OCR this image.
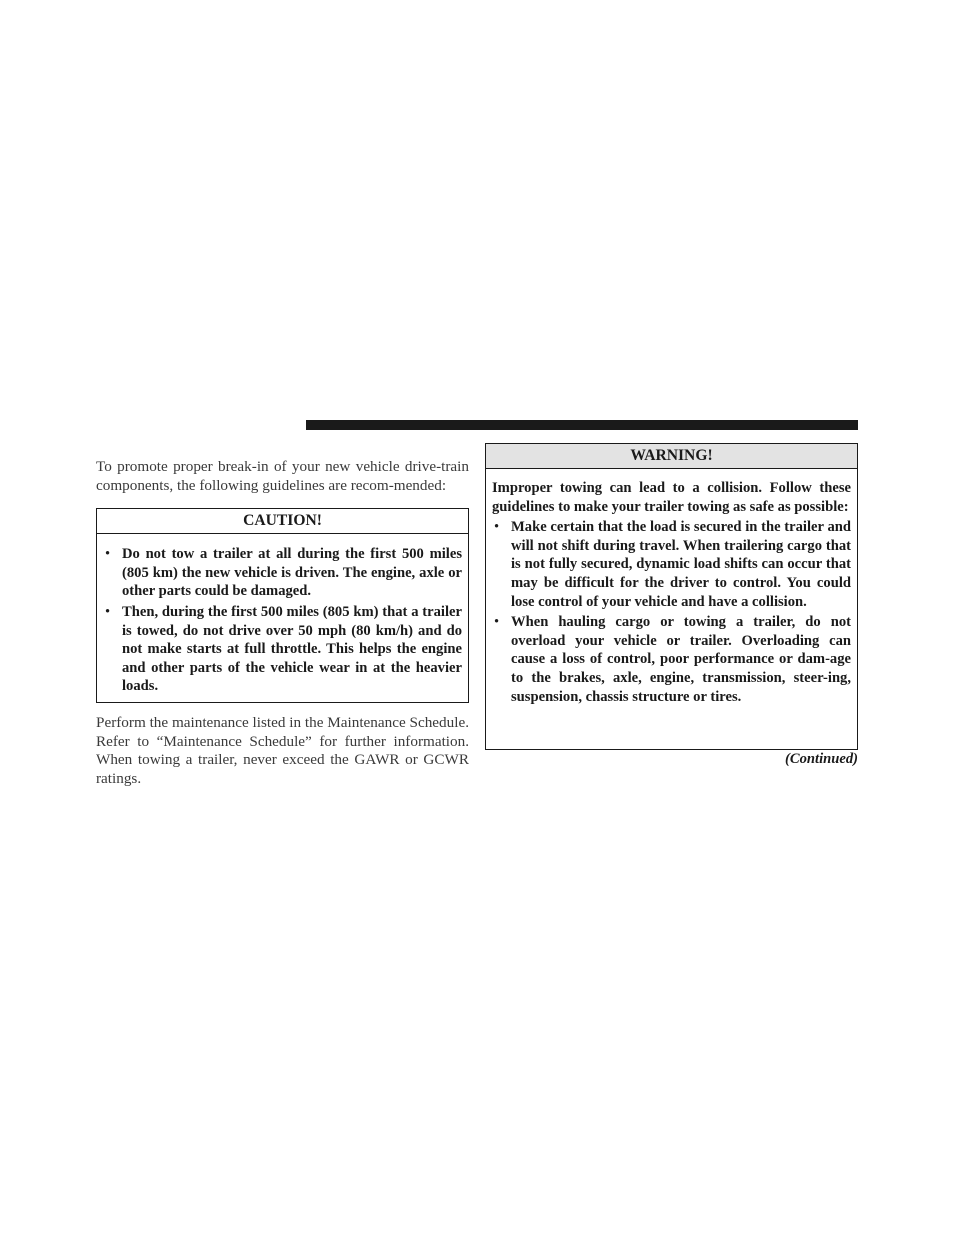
To promote proper break-in of your new vehicle drive-train components, the following guidelines are recom-mended:

CAUTION!
• Do not tow a trailer at all during the first 500 miles (805 km) the new vehicle is driven. The engine, axle or other parts could be damaged.
• Then, during the first 500 miles (805 km) that a trailer is towed, do not drive over 50 mph (80 km/h) and do not make starts at full throttle. This helps the engine and other parts of the vehicle wear in at the heavier loads.

Perform the maintenance listed in the Maintenance Schedule. Refer to “Maintenance Schedule” for further information. When towing a trailer, never exceed the GAWR or GCWR ratings.

WARNING!

Improper towing can lead to a collision. Follow these guidelines to make your trailer towing as safe as possible:

• Make certain that the load is secured in the trailer and will not shift during travel. When trailering cargo that is not fully secured, dynamic load shifts can occur that may be difficult for the driver to control. You could lose control of your vehicle and have a collision.
• When hauling cargo or towing a trailer, do not overload your vehicle or trailer. Overloading can cause a loss of control, poor performance or dam-age to the brakes, axle, engine, transmission, steer-ing, suspension, chassis structure or tires.
(Continued)
